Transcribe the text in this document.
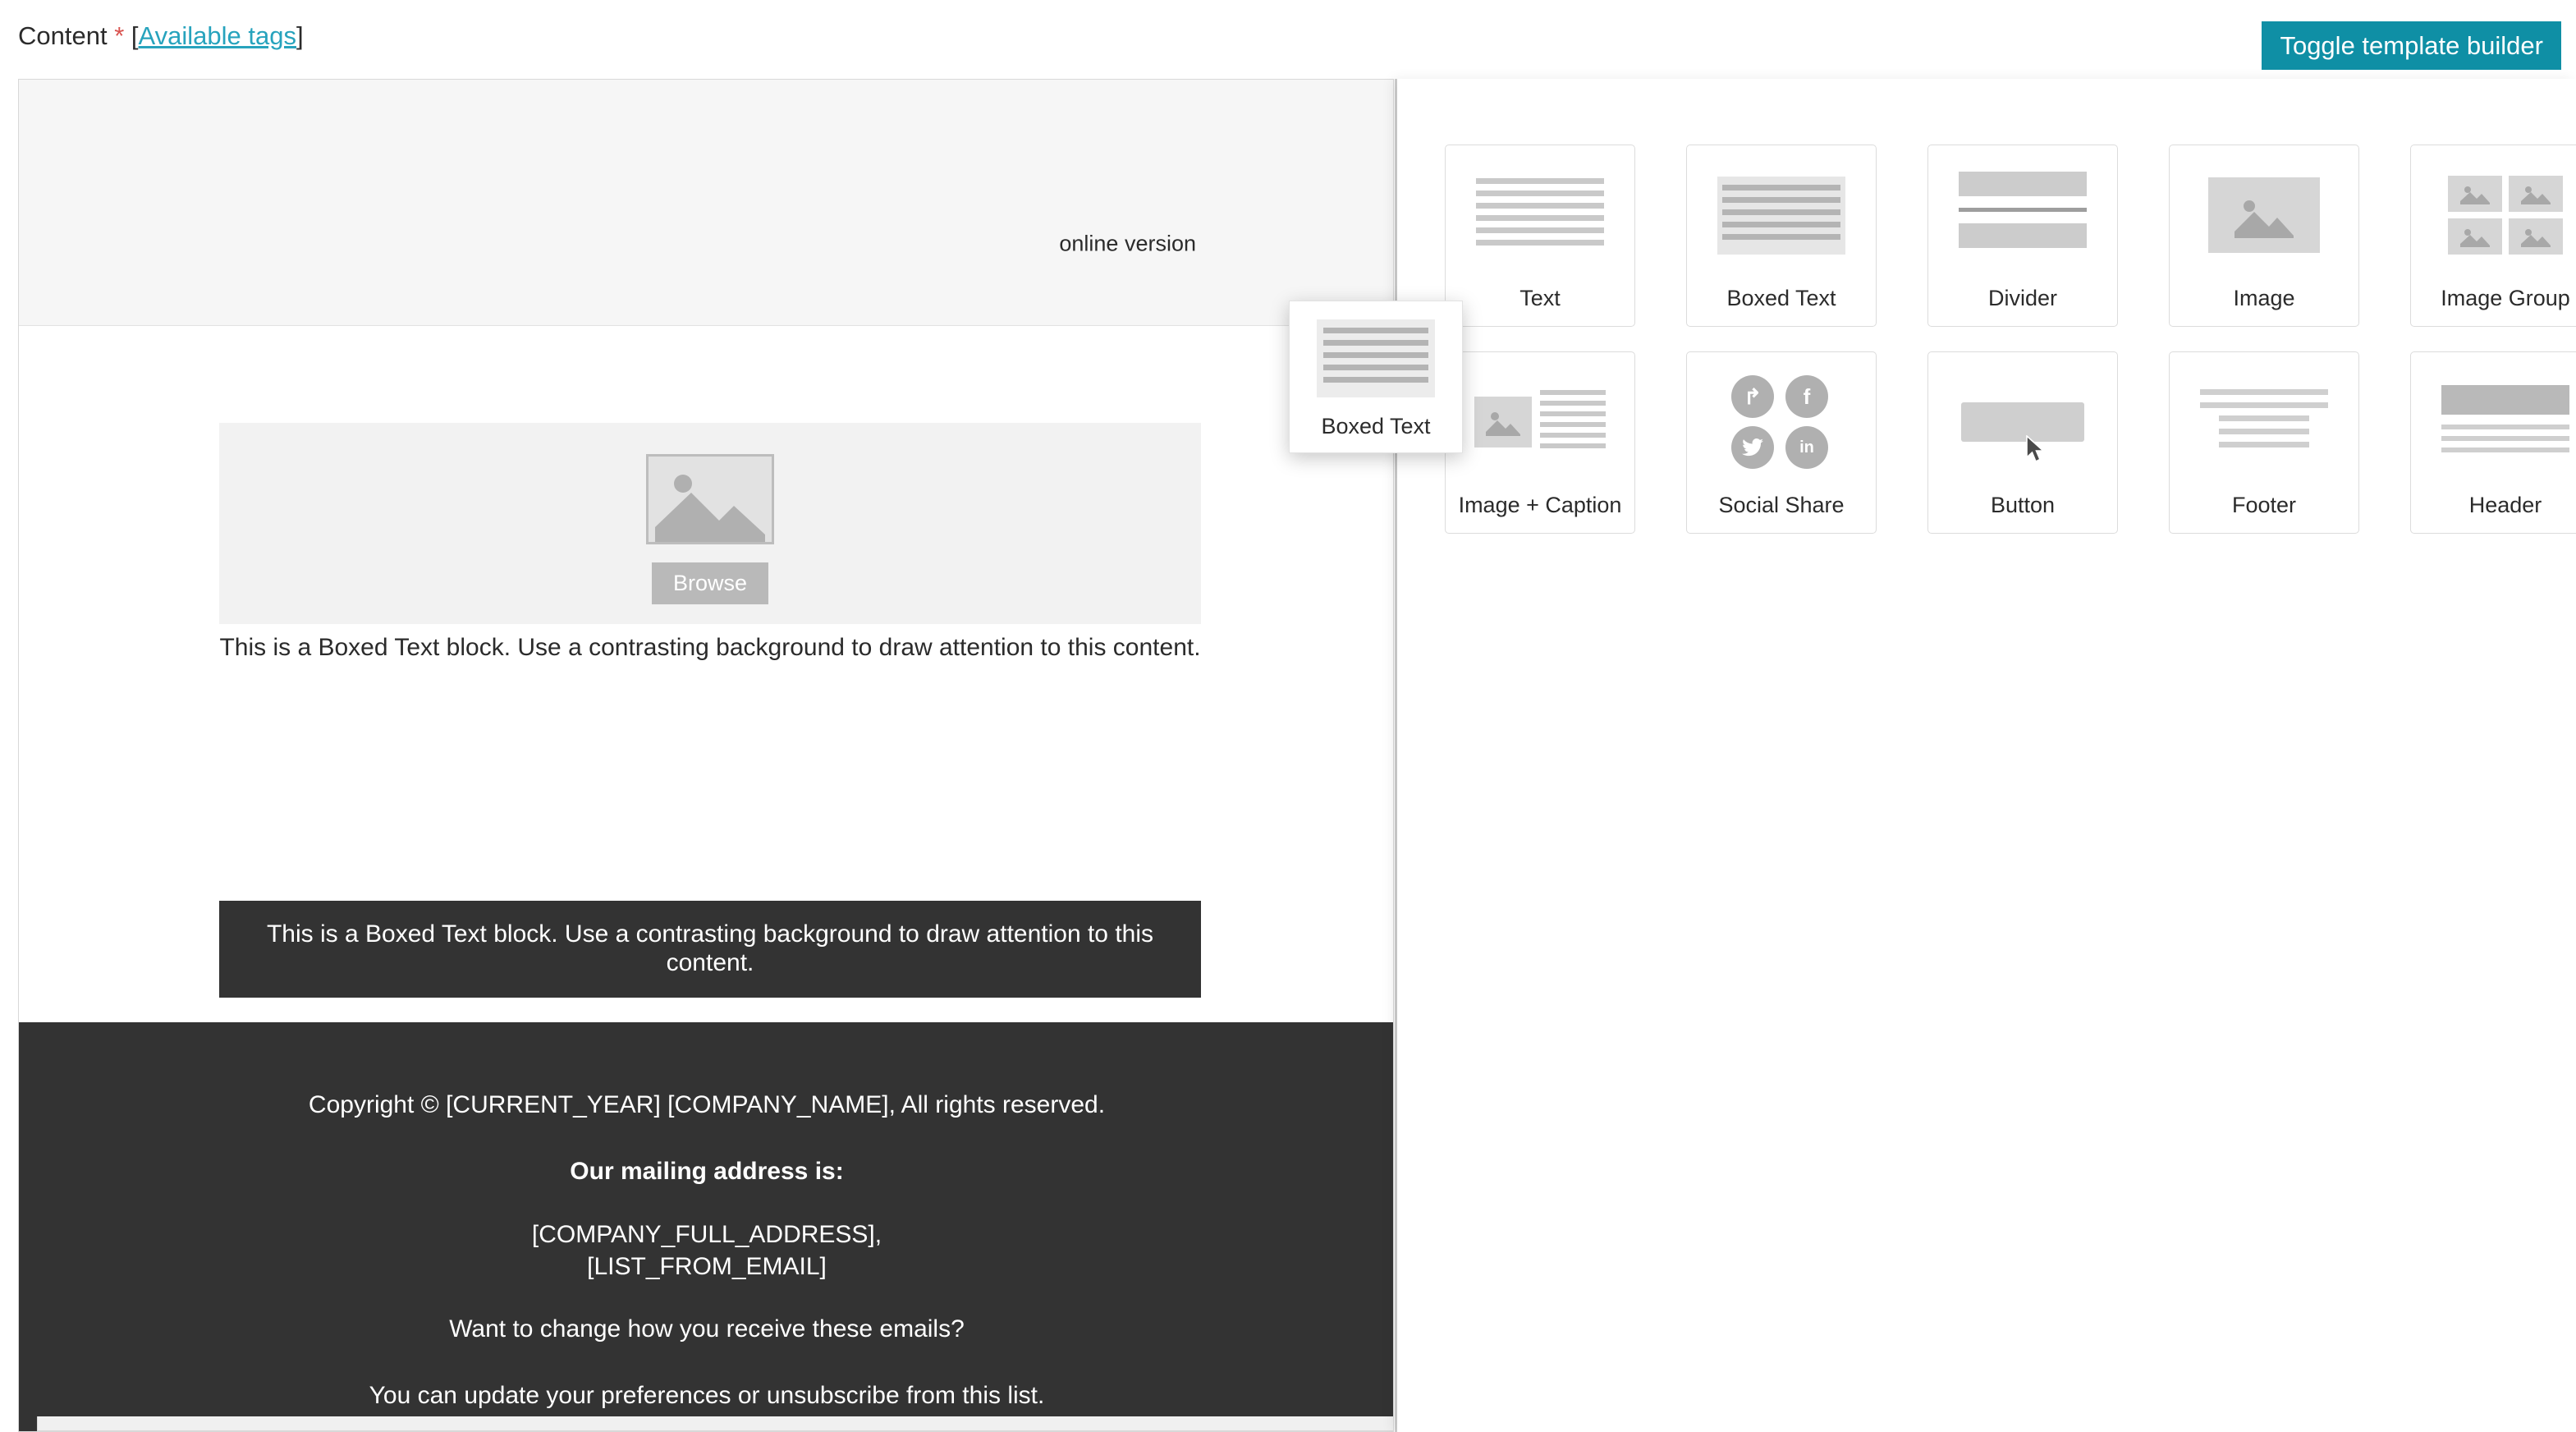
Content * [Available tags]	Toggle template builder
online version
Browse
This is a Boxed Text block. Use a contrasting background to draw attention to this content.
This is a Boxed Text block. Use a contrasting background to draw attention to this content.
Copyright © [CURRENT_YEAR] [COMPANY_NAME], All rights reserved.
Our mailing address is:
[COMPANY_FULL_ADDRESS],
[LIST_FROM_EMAIL]
Want to change how you receive these emails?
You can update your preferences or unsubscribe from this list.
Text	Boxed Text	Divider	Image	Image Group
Image + Caption
↱	f
in
Social Share	Button	Footer	Header
Boxed Text
